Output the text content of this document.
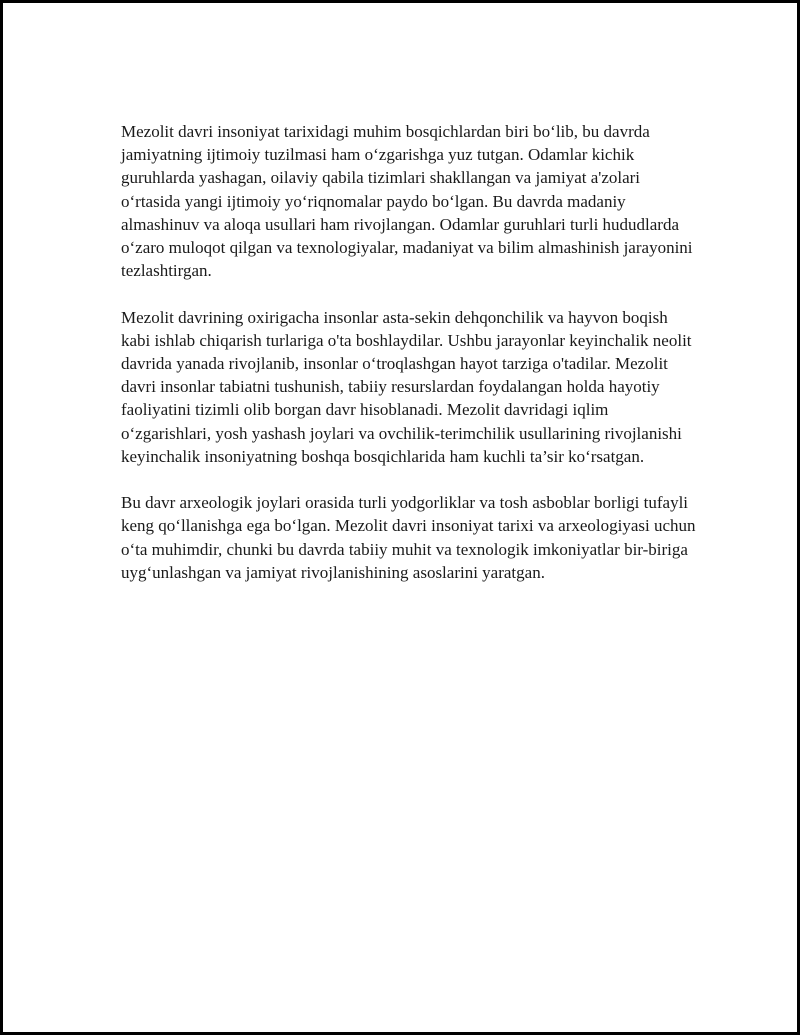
Mezolit davri insoniyat tarixidagi muhim bosqichlardan biri bo‘lib, bu davrda jamiyatning ijtimoiy tuzilmasi ham o‘zgarishga yuz tutgan. Odamlar kichik guruhlarda yashagan, oilaviy qabila tizimlari shakllangan va jamiyat a'zolari o‘rtasida yangi ijtimoiy yo‘riqnomalar paydo bo‘lgan. Bu davrda madaniy almashinuv va aloqa usullari ham rivojlangan. Odamlar guruhlari turli hududlarda o‘zaro muloqot qilgan va texnologiyalar, madaniyat va bilim almashinish jarayonini tezlashtirgan.

Mezolit davrining oxirigacha insonlar asta-sekin dehqonchilik va hayvon boqish kabi ishlab chiqarish turlariga o'ta boshlaydilar. Ushbu jarayonlar keyinchalik neolit davrida yanada rivojlanib, insonlar o‘troqlashgan hayot tarziga o'tadilar. Mezolit davri insonlar tabiatni tushunish, tabiiy resurslardan foydalangan holda hayotiy faoliyatini tizimli olib borgan davr hisoblanadi. Mezolit davridagi iqlim o‘zgarishlari, yosh yashash joylari va ovchilik-terimchilik usullarining rivojlanishi keyinchalik insoniyatning boshqa bosqichlarida ham kuchli ta’sir ko‘rsatgan.

Bu davr arxeologik joylari orasida turli yodgorliklar va tosh asboblar borligi tufayli keng qo‘llanishga ega bo‘lgan. Mezolit davri insoniyat tarixi va arxeologiyasi uchun o‘ta muhimdir, chunki bu davrda tabiiy muhit va texnologik imkoniyatlar bir-biriga uyg‘unlashgan va jamiyat rivojlanishining asoslarini yaratgan.
